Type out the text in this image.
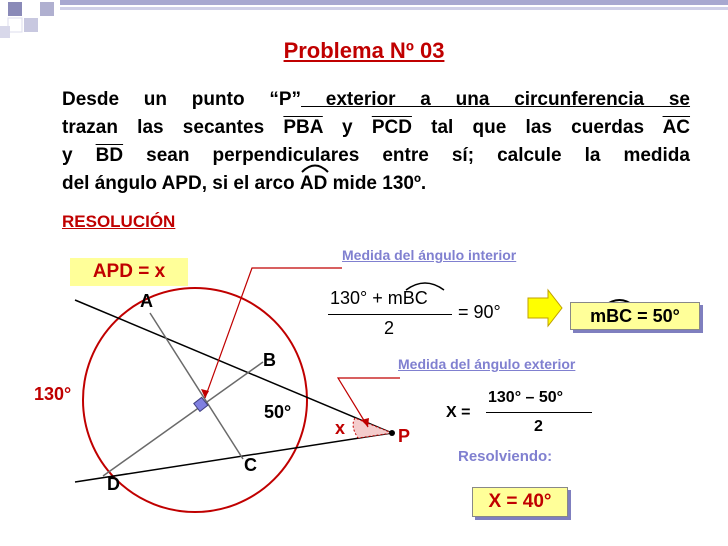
Problema Nº 03

Desde un punto “P” exterior a una circunferencia se

trazan las secantes $\overline{PBA}$ y $\overline{PCD}$ tal que las cuerdas $\overline{AC}$

y $\overline{BD}$ sean perpendiculares entre sí; calcule la medida

del ángulo APD, si el arco
AD mide 130º.

RESOLUCIÓN
APD = x
A
B
C
D
P
x
130°
50°
Medida del ángulo interior
Medida del ángulo exterior
130° + mBC
2
= 90°	mBC = 50°
X =
130° – 50°
2
Resolviendo:
X = 40°
